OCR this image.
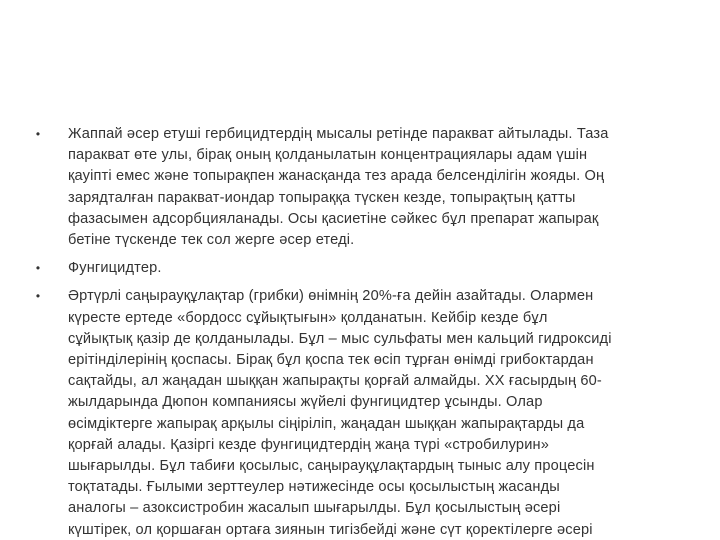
• Жаппай әсер етуші гербицидтердің мысалы ретінде паракват айтылады. Таза
паракват өте улы, бірақ оның қолданылатын концентрациялары адам үшін
қауіпті емес және топырақпен жанасқанда тез арада белсенділігін жояды. Оң
зарядталған паракват-иондар топыраққа түскен кезде, топырақтың қатты
фазасымен адсорбцияланады. Осы қасиетіне сәйкес бұл препарат жапырақ
бетіне түскенде тек сол жерге әсер етеді.
• Фунгицидтер.
• Әртүрлі саңырауқұлақтар (грибки) өнімнің 20%-ға дейін азайтады. Олармен
күресте ертеде «бордосс сұйықтығын» қолданатын. Кейбір кезде бұл
сұйықтық қазір де қолданылады. Бұл – мыс сульфаты мен кальций гидроксиді
ерітінділерінің қоспасы. Бірақ бұл қоспа тек өсіп тұрған өнімді грибоктардан
сақтайды, ал жаңадан шыққан жапырақты қорғай алмайды. XX ғасырдың 60-
жылдарында Дюпон компаниясы жүйелі фунгицидтер ұсынды. Олар
өсімдіктерге жапырақ арқылы сіңіріліп, жаңадан шыққан жапырақтарды да
қорғай алады. Қазіргі кезде фунгицидтердің жаңа түрі «стробилурин»
шығарылды. Бұл табиғи қосылыс, саңырауқұлақтардың тыныс алу процесін
тоқтатады. Ғылыми зерттеулер нәтижесінде осы қосылыстың жасанды
аналогы – азоксистробин жасалып шығарылды. Бұл қосылыстың әсері
күштірек, ол қоршаған ортаға зиянын тигізбейді және сүт қоректілерге әсері
